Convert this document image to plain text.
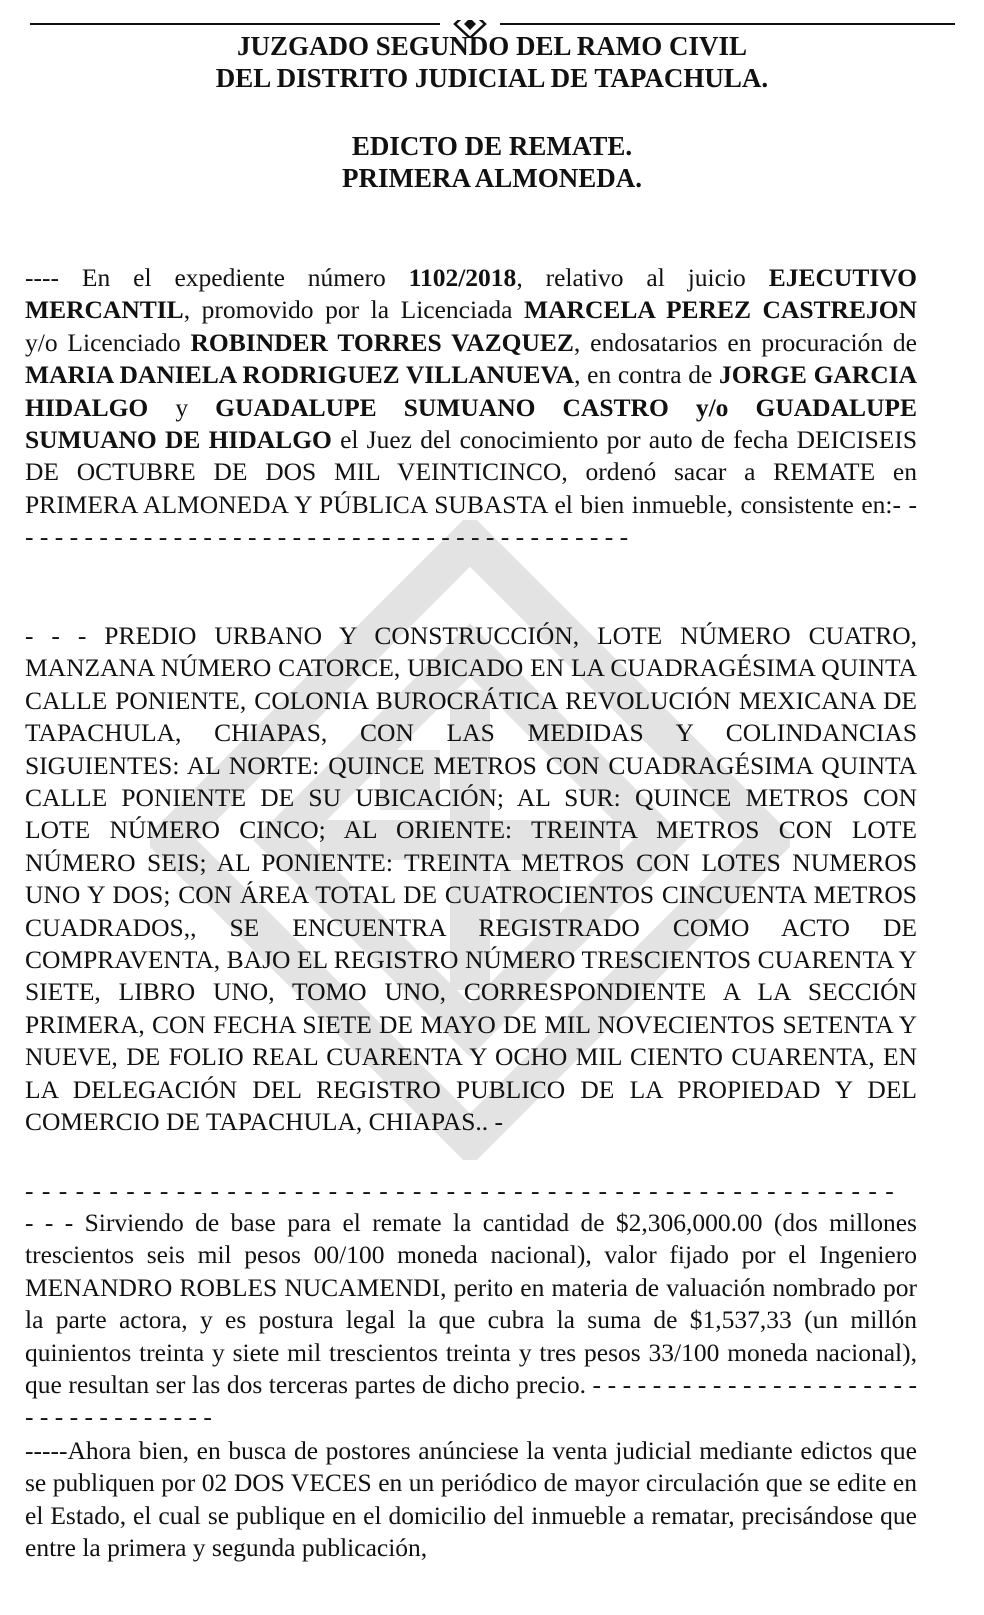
JUZGADO SEGUNDO DEL RAMO CIVIL
DEL DISTRITO JUDICIAL DE TAPACHULA.
EDICTO DE REMATE.
PRIMERA ALMONEDA.
---- En el expediente número 1102/2018, relativo al juicio EJECUTIVO MERCANTIL, promovido por la Licenciada MARCELA PEREZ CASTREJON y/o Licenciado ROBINDER TORRES VAZQUEZ, endosatarios en procuración de MARIA DANIELA RODRIGUEZ VILLANUEVA, en contra de JORGE GARCIA HIDALGO y GUADALUPE SUMUANO CASTRO y/o GUADALUPE SUMUANO DE HIDALGO el Juez del conocimiento por auto de fecha DEICISEIS DE OCTUBRE DE DOS MIL VEINTICINCO, ordenó sacar a REMATE en PRIMERA ALMONEDA Y PÚBLICA SUBASTA el bien inmueble, consistente en:- - - - - - - - - - - - - - - - - - - - - - - - - - - - - - - - - - - - - - - - - - -
- - - PREDIO URBANO Y CONSTRUCCIÓN, LOTE NÚMERO CUATRO, MANZANA NÚMERO CATORCE, UBICADO EN LA CUADRAGÉSIMA QUINTA CALLE PONIENTE, COLONIA BUROCRÁTICA REVOLUCIÓN MEXICANA DE TAPACHULA, CHIAPAS, CON LAS MEDIDAS Y COLINDANCIAS SIGUIENTES: AL NORTE: QUINCE METROS CON CUADRAGÉSIMA QUINTA CALLE PONIENTE DE SU UBICACIÓN; AL SUR: QUINCE METROS CON LOTE NÚMERO CINCO; AL ORIENTE: TREINTA METROS CON LOTE NÚMERO SEIS; AL PONIENTE: TREINTA METROS CON LOTES NUMEROS UNO Y DOS; CON ÁREA TOTAL DE CUATROCIENTOS CINCUENTA METROS CUADRADOS,, SE ENCUENTRA REGISTRADO COMO ACTO DE COMPRAVENTA, BAJO EL REGISTRO NÚMERO TRESCIENTOS CUARENTA Y SIETE, LIBRO UNO, TOMO UNO, CORRESPONDIENTE A LA SECCIÓN PRIMERA, CON FECHA SIETE DE MAYO DE MIL NOVECIENTOS SETENTA Y NUEVE, DE FOLIO REAL CUARENTA Y OCHO MIL CIENTO CUARENTA, EN LA DELEGACIÓN DEL REGISTRO PUBLICO DE LA PROPIEDAD Y DEL COMERCIO DE TAPACHULA, CHIAPAS.. -
- - - - - - - - - - - - - - - - - - - - - - - - - - - - - - - - - - - - - - - - - - - - - - - - - - - -
- - - Sirviendo de base para el remate la cantidad de $2,306,000.00 (dos millones trescientos seis mil pesos 00/100 moneda nacional), valor fijado por el Ingeniero MENANDRO ROBLES NUCAMENDI, perito en materia de valuación nombrado por la parte actora, y es postura legal la que cubra la suma de $1,537,33 (un millón quinientos treinta y siete mil trescientos treinta y tres pesos 33/100 moneda nacional), que resultan ser las dos terceras partes de dicho precio. - - - - - - - - - - - - - - - - - - - - - - - - - - - - - - - - - - -
-----Ahora bien, en busca de postores anúnciese la venta judicial mediante edictos que se publiquen por 02 DOS VECES en un periódico de mayor circulación que se edite en el Estado, el cual se publique en el domicilio del inmueble a rematar, precisándose que entre la primera y segunda publicación,
